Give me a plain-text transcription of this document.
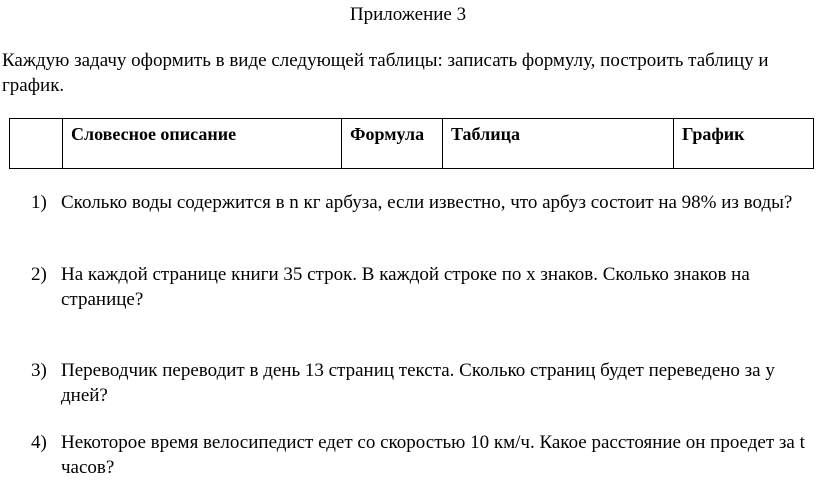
Приложение 3
Каждую задачу оформить в виде следующей таблицы: записать формулу, построить таблицу и график.
	Словесное описание	Формула	Таблица	График
1) Сколько воды содержится в n кг арбуза, если известно, что арбуз состоит на 98% из воды?
2) На каждой странице книги 35 строк. В каждой строке по х знаков. Сколько знаков на странице?
3) Переводчик переводит в день 13 страниц текста. Сколько страниц будет переведено за у дней?
4) Некоторое время велосипедист едет со скоростью 10 км/ч. Какое расстояние он проедет за t часов?
